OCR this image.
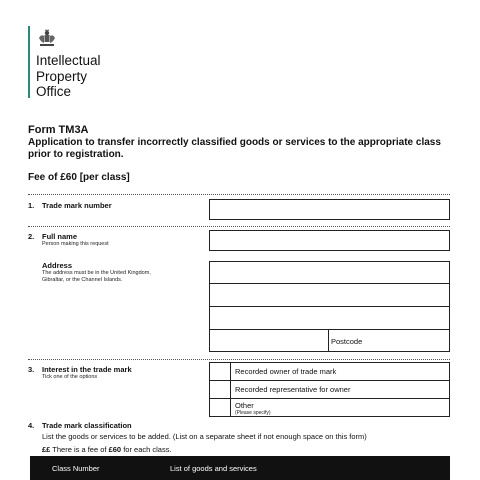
Intellectual
Property
Office
Form TM3A
Application to transfer incorrectly classified goods or services to the appropriate class prior to registration.
Fee of £60 [per class]
1. Trade mark number
2. Full name
Person making this request
Address
The address must be in the United Kingdom,
Gibraltar, or the Channel Islands.
Postcode
3. Interest in the trade mark
Tick one of the options
Recorded owner of trade mark
Recorded representative for owner
Other
(Please specify)
4. Trade mark classification
List the goods or services to be added. (List on a separate sheet if not enough space on this form)
££ There is a fee of £60 for each class.
Class Number	List of goods and services
